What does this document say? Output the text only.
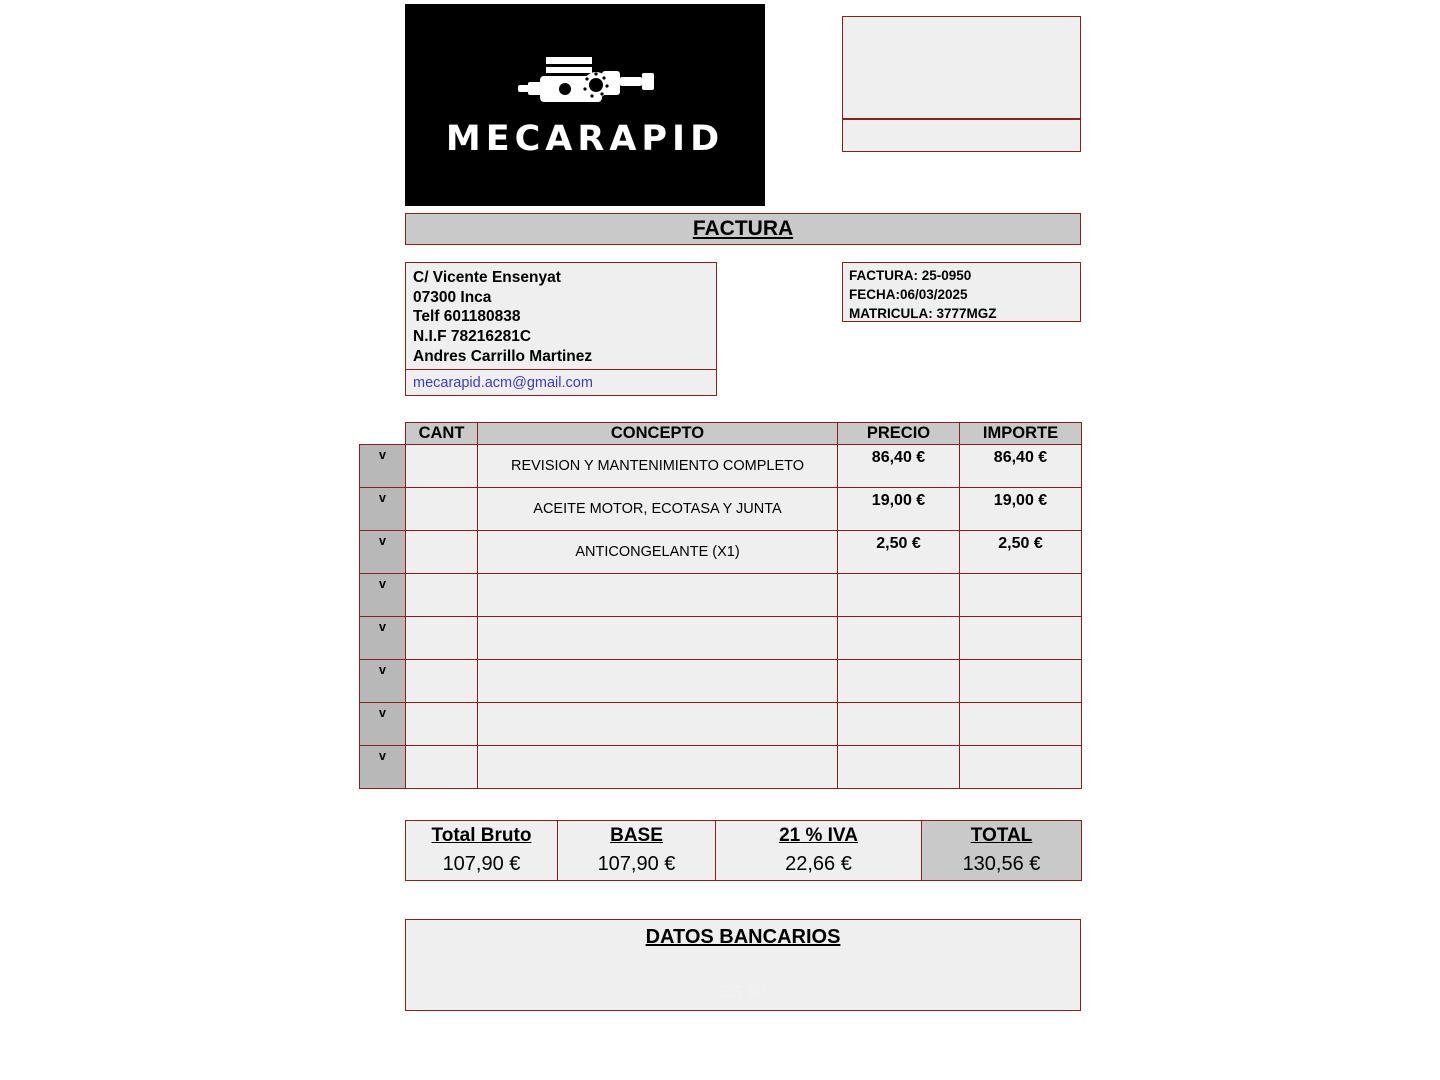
MECARAPID
FACTURA
C/ Vicente Ensenyat
07300 Inca
Telf 601180838
N.I.F 78216281C
Andres Carrillo Martinez
mecarapid.acm@gmail.com
FACTURA: 25-0950
FECHA:06/03/2025
MATRICULA: 3777MGZ
	CANT	CONCEPTO	PRECIO	IMPORTE
v		REVISION Y MANTENIMIENTO COMPLETO	86,40 €	86,40 €
v		ACEITE MOTOR, ECOTASA Y JUNTA	19,00 €	19,00 €
v		ANTICONGELANTE (X1)	2,50 €	2,50 €
v				
v				
v				
v				
v				
Total Bruto	BASE	21 % IVA	TOTAL
107,90 €	107,90 €	22,66 €	130,56 €
DATOS BANCARIOS
ES 00
